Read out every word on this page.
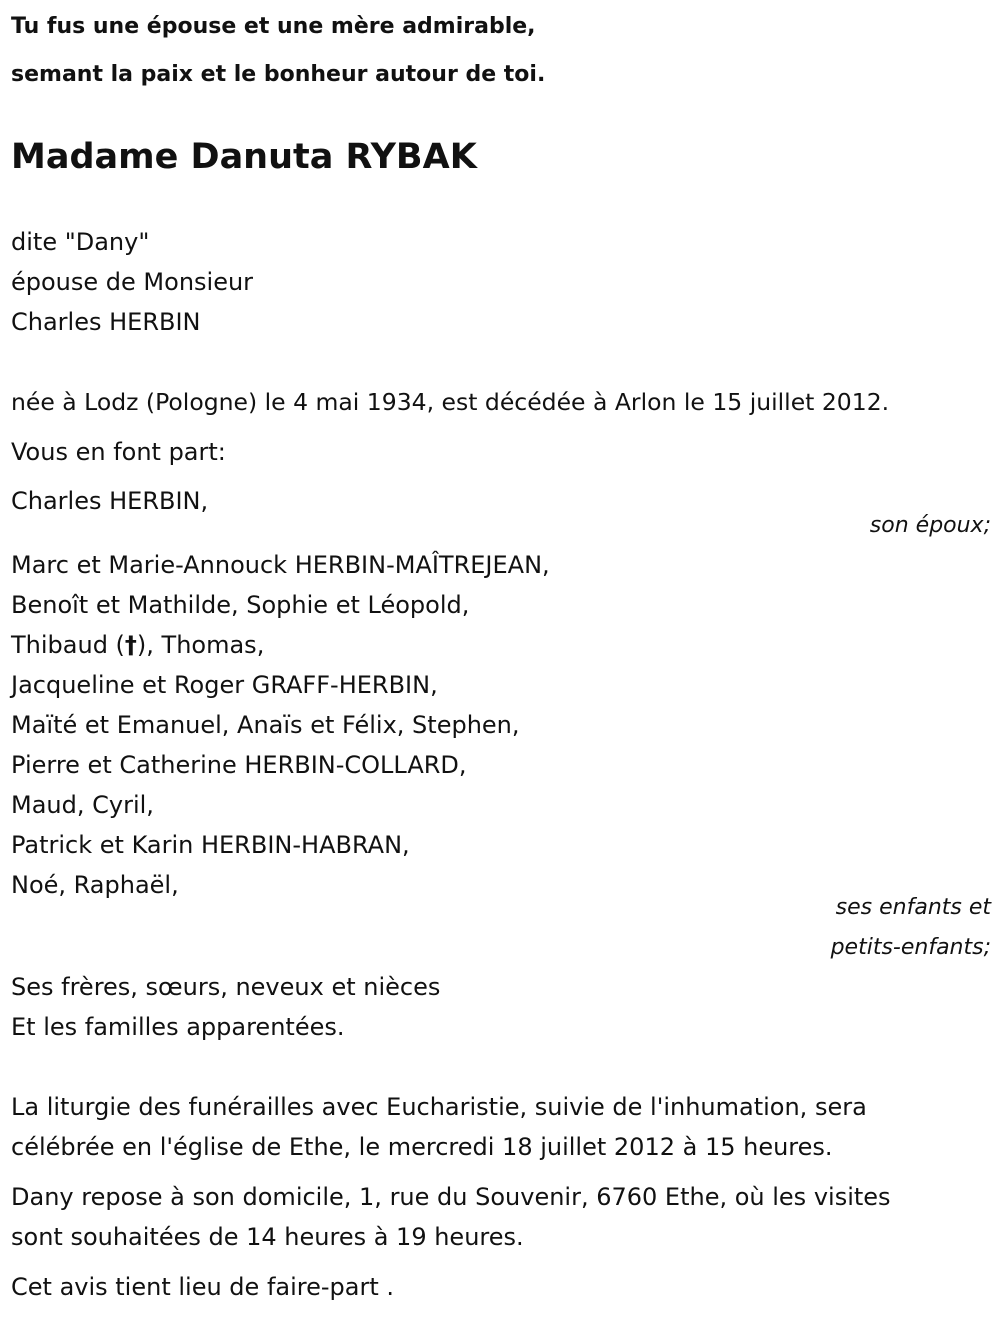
Tu fus une épouse et une mère admirable,
semant la paix et le bonheur autour de toi.
Madame Danuta RYBAK
dite "Dany"
épouse de Monsieur
Charles HERBIN
née à Lodz (Pologne) le 4 mai 1934, est décédée à Arlon le 15 juillet 2012.
Vous en font part:
Charles HERBIN,
son époux;
Marc et Marie-Annouck HERBIN-MAÎTREJEAN,
Benoît et Mathilde, Sophie et Léopold,
Thibaud (†), Thomas,
Jacqueline et Roger GRAFF-HERBIN,
Maïté et Emanuel, Anaïs et Félix, Stephen,
Pierre et Catherine HERBIN-COLLARD,
Maud, Cyril,
Patrick et Karin HERBIN-HABRAN,
Noé, Raphaël,
ses enfants et
petits-enfants;
Ses frères, sœurs, neveux et nièces
Et les familles apparentées.
La liturgie des funérailles avec Eucharistie, suivie de l'inhumation, sera
célébrée en l'église de Ethe, le mercredi 18 juillet 2012 à 15 heures.
Dany repose à son domicile, 1, rue du Souvenir, 6760 Ethe, où les visites
sont souhaitées de 14 heures à 19 heures.
Cet avis tient lieu de faire-part .
